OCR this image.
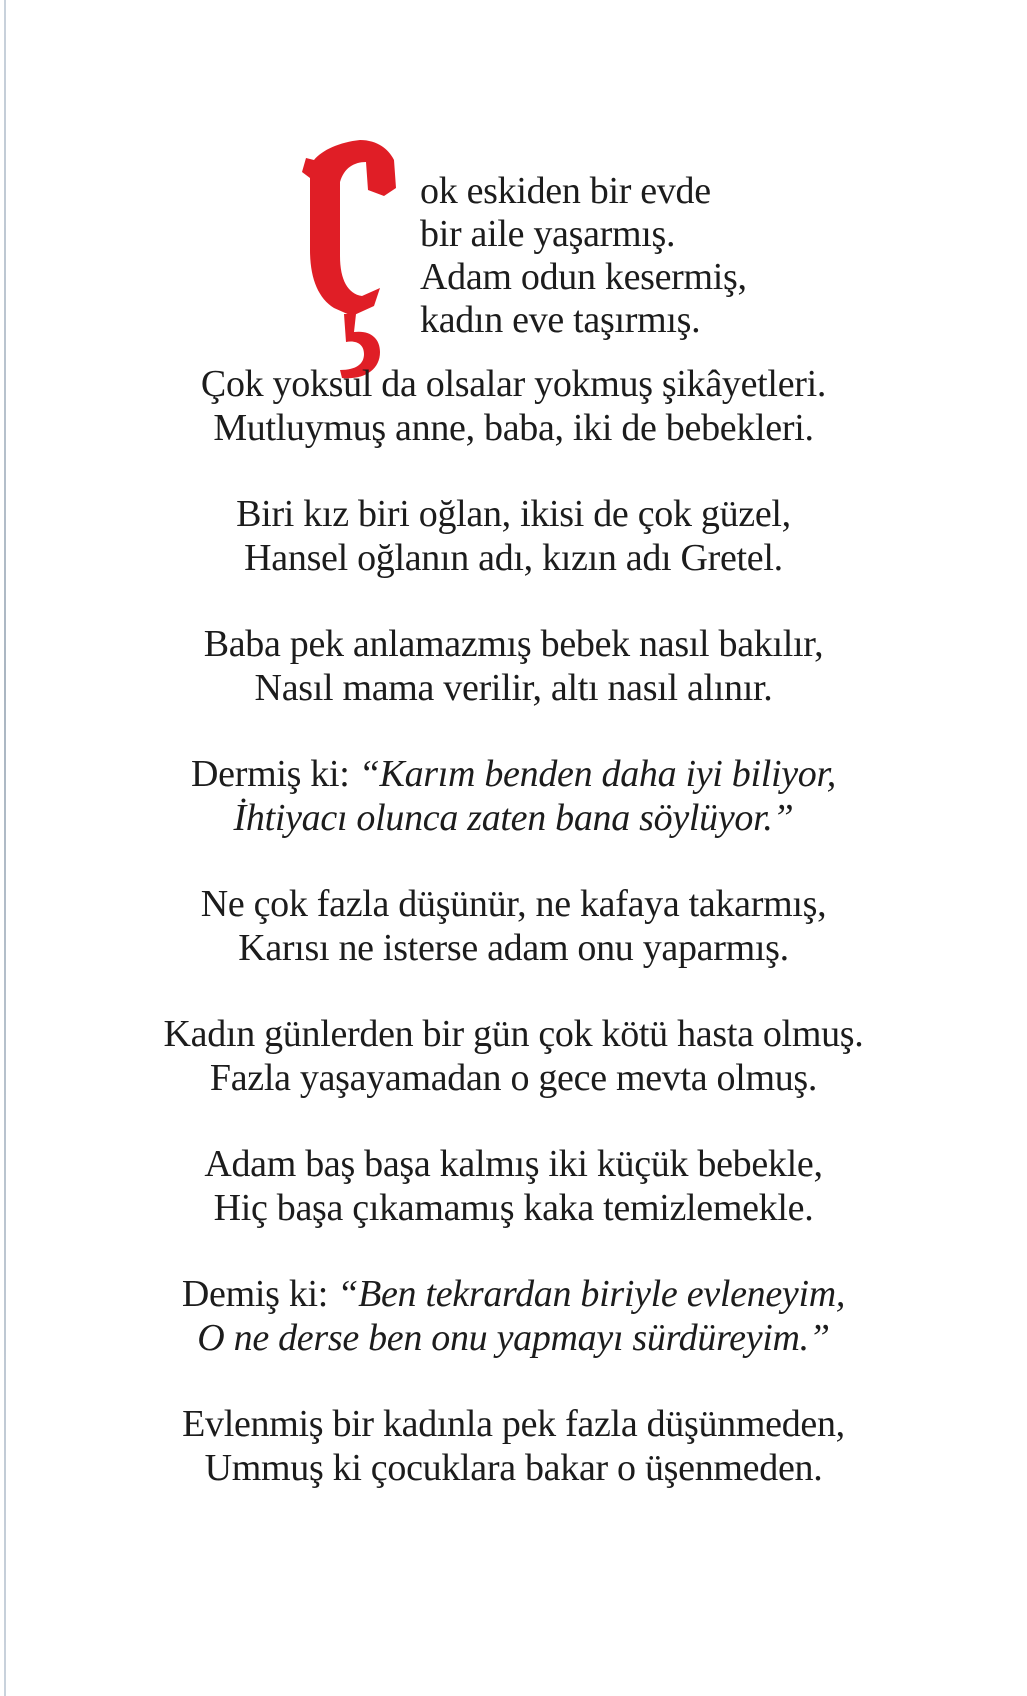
ok eskiden bir evde
bir aile yaşarmış.
Adam odun kesermiş,
kadın eve taşırmış.
Çok yoksul da olsalar yokmuş şikâyetleri.
Mutluymuş anne, baba, iki de bebekleri.
Biri kız biri oğlan, ikisi de çok güzel,
Hansel oğlanın adı, kızın adı Gretel.
Baba pek anlamazmış bebek nasıl bakılır,
Nasıl mama verilir, altı nasıl alınır.
Dermiş ki: “Karım benden daha iyi biliyor,
İhtiyacı olunca zaten bana söylüyor.”
Ne çok fazla düşünür, ne kafaya takarmış,
Karısı ne isterse adam onu yaparmış.
Kadın günlerden bir gün çok kötü hasta olmuş.
Fazla yaşayamadan o gece mevta olmuş.
Adam baş başa kalmış iki küçük bebekle,
Hiç başa çıkamamış kaka temizlemekle.
Demiş ki: “Ben tekrardan biriyle evleneyim,
O ne derse ben onu yapmayı sürdüreyim.”
Evlenmiş bir kadınla pek fazla düşünmeden,
Ummuş ki çocuklara bakar o üşenmeden.
